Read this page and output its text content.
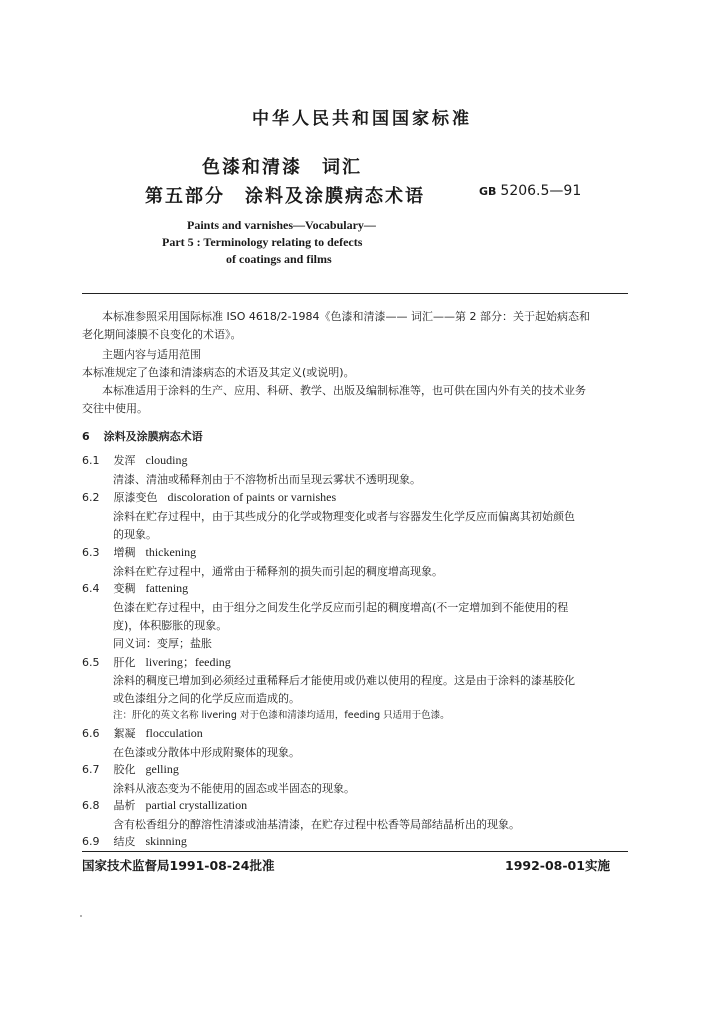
中华人民共和国国家标准
色漆和清漆　词汇
第五部分　涂料及涂膜病态术语	GB 5206.5—91
Paints and varnishes—Vocabulary—
Part 5 : Terminology relating to defects
of coatings and films
本标准参照采用国际标准 ISO 4618/2-1984《色漆和清漆—— 词汇——第 2 部分：关于起始病态和
老化期间漆膜不良变化的术语》。
主题内容与适用范围
本标准规定了色漆和清漆病态的术语及其定义(或说明)。
本标准适用于涂料的生产、应用、科研、教学、出版及编制标准等，也可供在国内外有关的技术业务
交往中使用。
6 涂料及涂膜病态术语
6.1 发浑 clouding
清漆、清油或稀释剂由于不溶物析出而呈现云雾状不透明现象。
6.2 原漆变色 discoloration of paints or varnishes
涂料在贮存过程中，由于其些成分的化学或物理变化或者与容器发生化学反应而偏离其初始颜色
的现象。
6.3 增稠 thickening
涂料在贮存过程中，通常由于稀释剂的损失而引起的稠度增高现象。
6.4 变稠 fattening
色漆在贮存过程中，由于组分之间发生化学反应而引起的稠度增高(不一定增加到不能使用的程
度)，体积膨胀的现象。
同义词：变厚；盐胀
6.5 肝化 livering；feeding
涂料的稠度已增加到必须经过重稀释后才能使用或仍难以使用的程度。这是由于涂料的漆基胶化
或色漆组分之间的化学反应而造成的。
注：肝化的英文名称 livering 对于色漆和清漆均适用，feeding 只适用于色漆。
6.6 絮凝 flocculation
在色漆或分散体中形成附聚体的现象。
6.7 胶化 gelling
涂料从液态变为不能使用的固态或半固态的现象。
6.8 晶析 partial crystallization
含有松香组分的醇溶性清漆或油基清漆，在贮存过程中松香等局部结晶析出的现象。
6.9 结皮 skinning
国家技术监督局1991-08-24批准	1992-08-01实施
